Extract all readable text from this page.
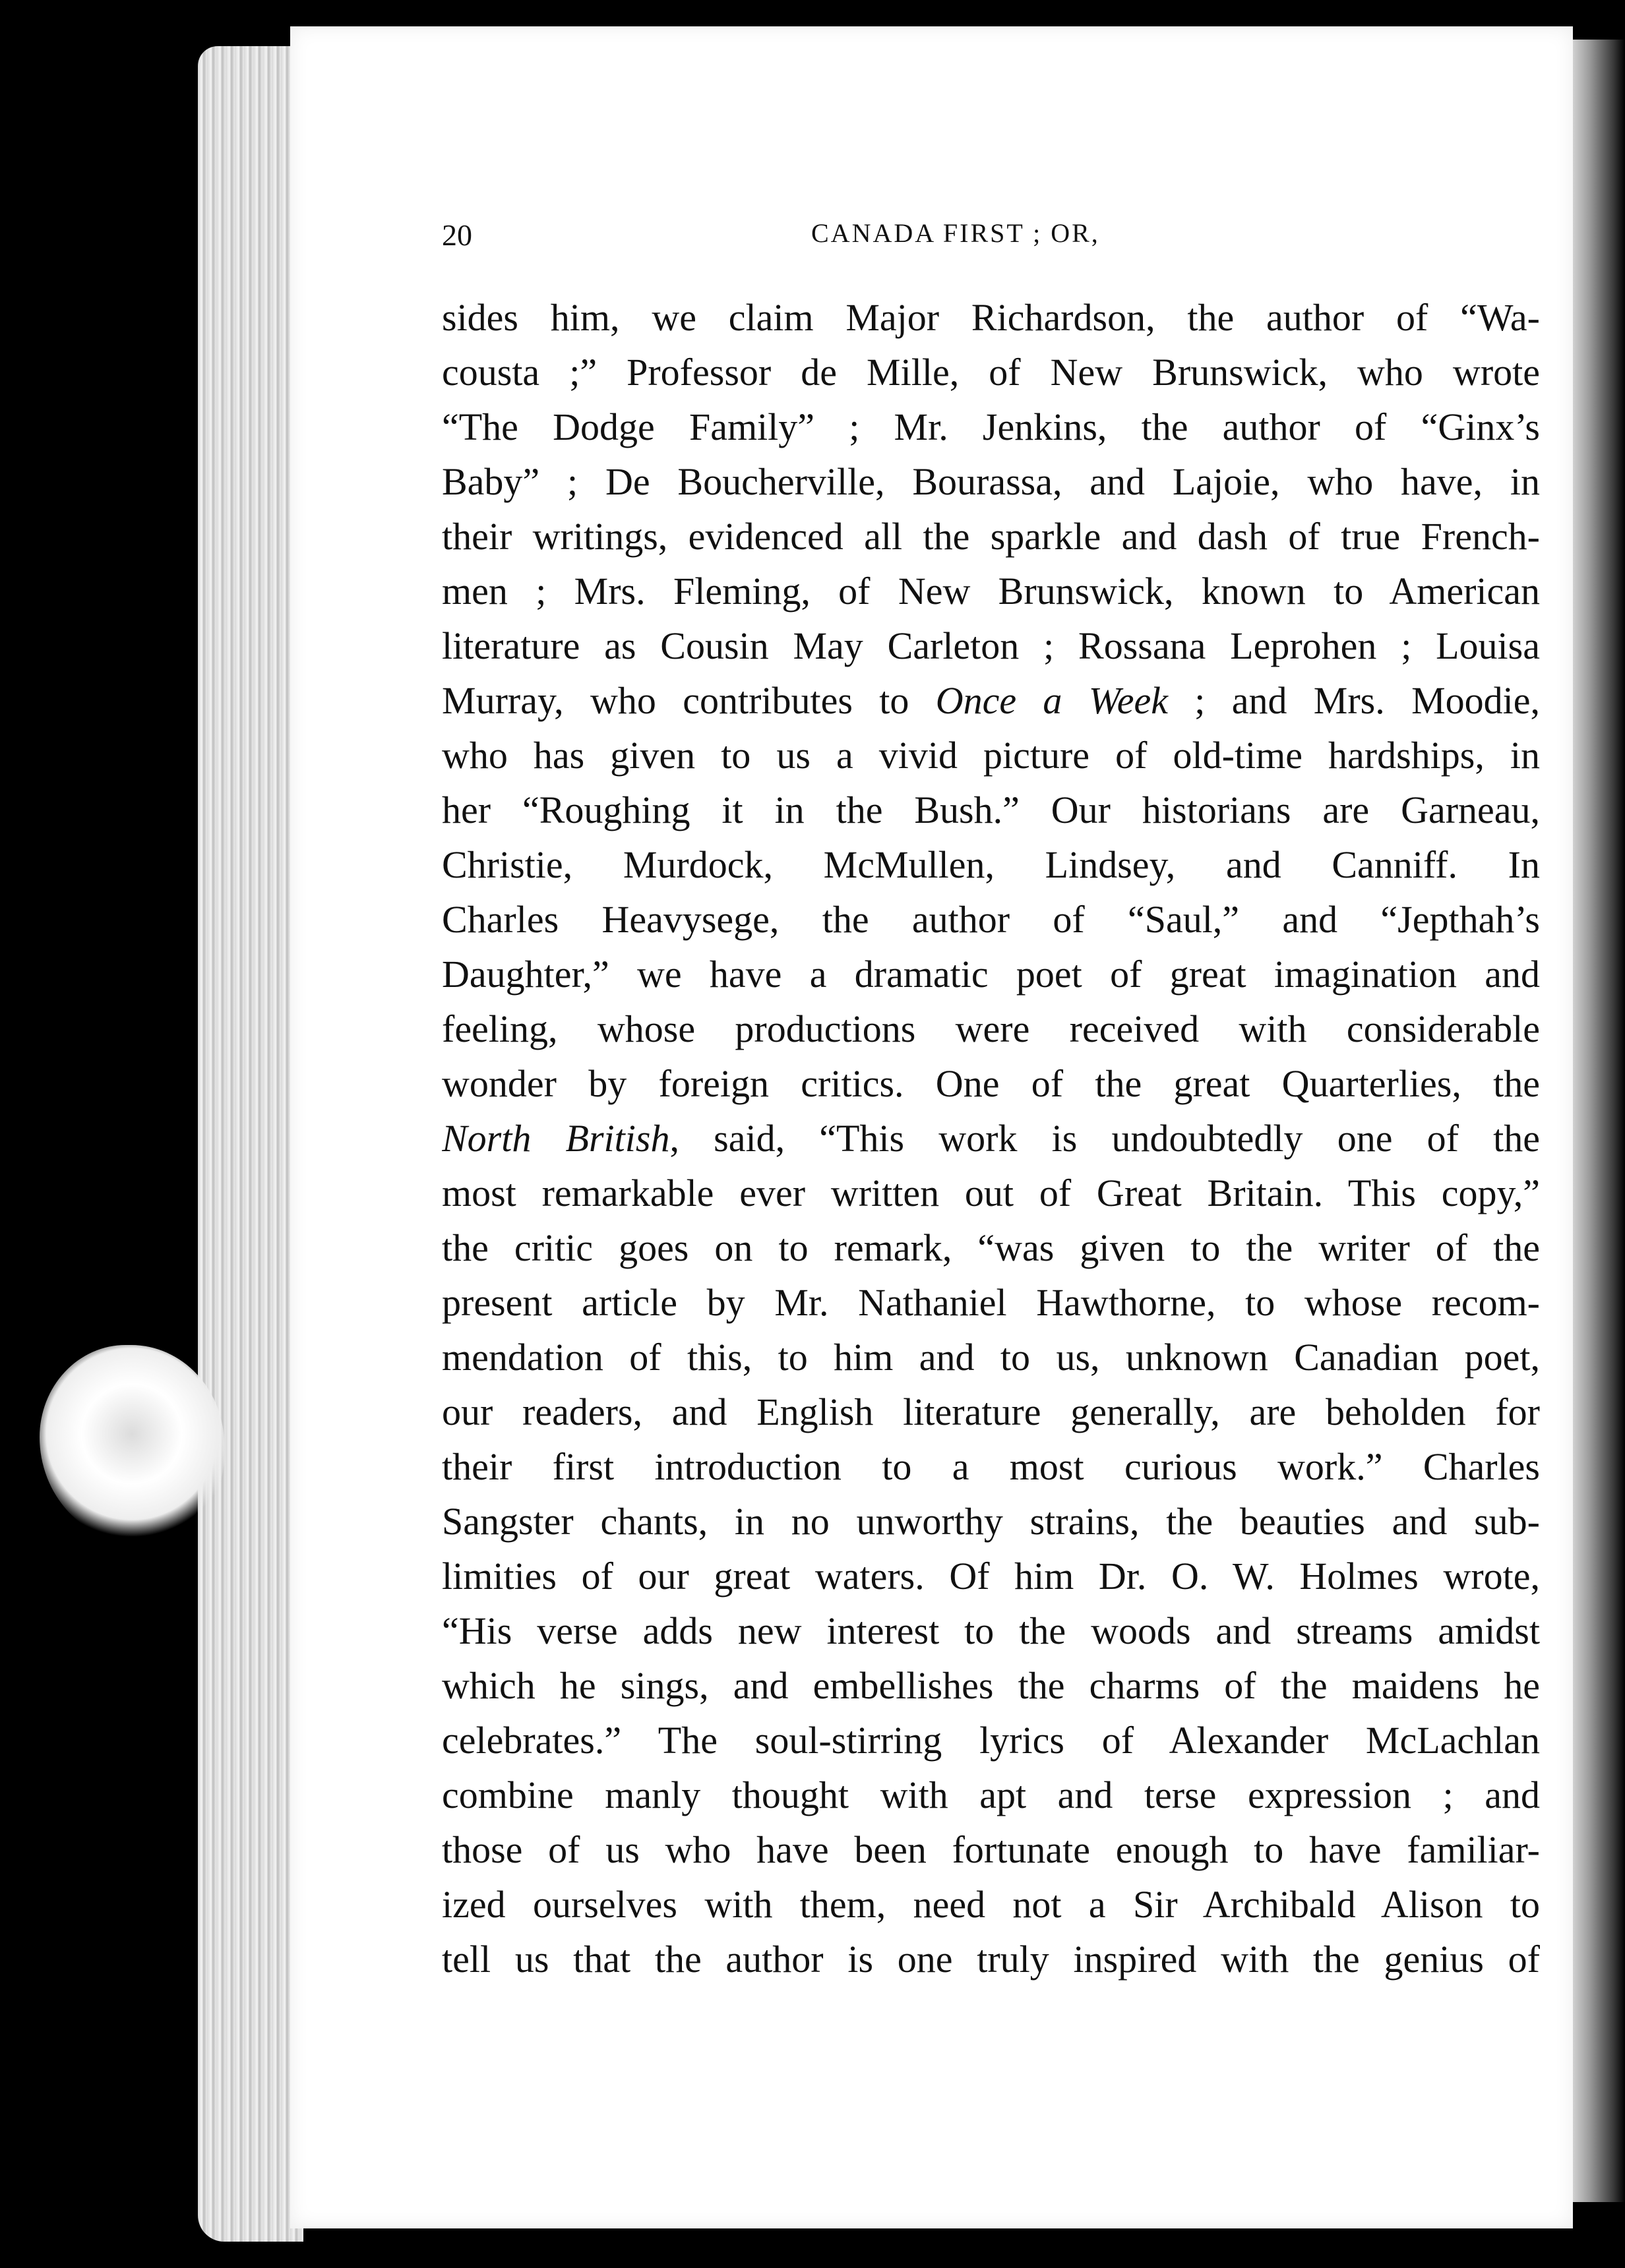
20	CANADA FIRST ; OR,
sides him, we claim Major Richardson, the author of “Wa-
cousta ;” Professor de Mille, of New Brunswick, who wrote
“The Dodge Family” ; Mr. Jenkins, the author of “Ginx’s
Baby” ; De Boucherville, Bourassa, and Lajoie, who have, in
their writings, evidenced all the sparkle and dash of true French-
men ; Mrs. Fleming, of New Brunswick, known to American
literature as Cousin May Carleton ; Rossana Leprohen ; Louisa
Murray, who contributes to Once a Week ; and Mrs. Moodie,
who has given to us a vivid picture of old-time hardships, in
her “Roughing it in the Bush.” Our historians are Garneau,
Christie, Murdock, McMullen, Lindsey, and Canniff. In
Charles Heavysege, the author of “Saul,” and “Jepthah’s
Daughter,” we have a dramatic poet of great imagination and
feeling, whose productions were received with considerable
wonder by foreign critics. One of the great Quarterlies, the
North British, said, “This work is undoubtedly one of the
most remarkable ever written out of Great Britain. This copy,”
the critic goes on to remark, “was given to the writer of the
present article by Mr. Nathaniel Hawthorne, to whose recom-
mendation of this, to him and to us, unknown Canadian poet,
our readers, and English literature generally, are beholden for
their first introduction to a most curious work.” Charles
Sangster chants, in no unworthy strains, the beauties and sub-
limities of our great waters. Of him Dr. O. W. Holmes wrote,
“His verse adds new interest to the woods and streams amidst
which he sings, and embellishes the charms of the maidens he
celebrates.” The soul-stirring lyrics of Alexander McLachlan
combine manly thought with apt and terse expression ; and
those of us who have been fortunate enough to have familiar-
ized ourselves with them, need not a Sir Archibald Alison to
tell us that the author is one truly inspired with the genius of
